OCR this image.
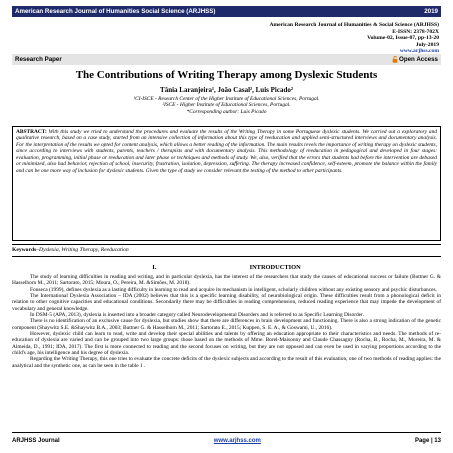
American Research Journal of Humanities Social Science (ARJHSS)	2019
American Research Journal of Humanities & Social Science (ARJHSS)
E-ISSN: 2378-702X
Volume-02, Issue-07, pp-13-20
July-2019
www.arjhss.com
Research Paper	Open Access
The Contributions of Writing Therapy among Dyslexic Students
Tânia Laranjeira¹, João Casal², Luis Picado²
¹CI-ISCE - Research Center of the Higher Institute of Educational Sciences, Portugal.
²ISCE - Higher Institute of Educational Sciences, Portugal.
*Corresponding author: Luis Picado
ABSTRACT: With this study we tried to understand the procedures and evaluate the results of the Writing Therapy in some Portuguese dyslexic students. We carried out a exploratory and qualitative research, based on a case study, started from an intensive collection of information about this type of reeducation and applied semi-structured interviews and documentary analysis. For the interpretation of the results we opted for content analysis, which allows a better reading of the information. The main results revels the importance of writing therapy on dyslexic students, since according to interviews with students, parents, teachers / therapists and with documentary analysis. This methodology of reeducation in pedagogical and developed in four stages: evaluation, programming, initial phase or reeducation and later phase or techniques and methods of study. We, also, verified that the errors that students had before the intervention are debased or minimized, also had behavior, rejection of school, insecurity, frustration, isolation, depression, suffering. The therapy increased confidence, self-esteem, promote the balance within the family and can be one more way of inclusion for dyslexic students. Given the type of study we consider relevant the testing of the method to other participants.
Keywords–Dyslexia, Writing Therapy, Reeducation
I.	INTRODUCTION

The study of learning difficulties in reading and writing, and in particular dyslexia, has the interest of the researchers that study the causes of educational success or failure (Buttner G. & Hasselhorn M., 2011; Sartorato, 2015; Moura, O., Pereira, M. &Simões, M. 2018).

Fonseca (1999), defines dyslexia as a lasting difficulty in learning to read and acquire its mechanism in intelligent, scholarly children without any existing sensory and psychic disturbances.

The International Dyslexia Association – IDA (2002) believes that this is a specific learning disability, of neurobiological origin. These difficulties result from a phonological deficit in relation to other cognitive capacities and educational conditions. Secondarily there may be difficulties in reading comprehension, reduced reading experience that may impede the development of vocabulary and general knowledge.

In DSM-5 (APA, 2013), dyslexia is inserted into a broader category called Neurodevelopmental Disorders and is referred to as Specific Learning Disorder.

There is no identification of an exclusive cause for dyslexia, but studies show that there are differences in brain development and functioning. There is also a strong indication of the genetic component (Shaywitz S.E. &Shaywitz B.A., 2003; Buttner G. & Hasselhorn M., 2011; Sartorato E., 2015; Kuppen, S. E. A., & Goswami, U., 2016).

However, dyslexic child can learn to read, write and develop their special abilities and talents by offering an education appropriate to their characteristics and needs. The methods of re-education of dyslexia are varied and can be grouped into two large groups: those based on the methods of Mme. Borel-Maisonny and Claude Chassagny (Rocha, B., Rocha, M., Moreira, M. & Almeida, D., 1991; IDA, 2017). The first is more connected to reading and the second focuses on writing, but they are not opposed and can even be used in varying proportions according to the child's age, his intelligence and his degree of dyslexia.

Regarding the Writing Therapy, this one tries to evaluate the concrete deficits of the dyslexic subjects and according to the result of this evaluation, one of two methods of reading applies: the analytical and the synthetic one, as can be seen in the table 1 .

ARJHSS Journal	www.arjhss.com	Page | 13
